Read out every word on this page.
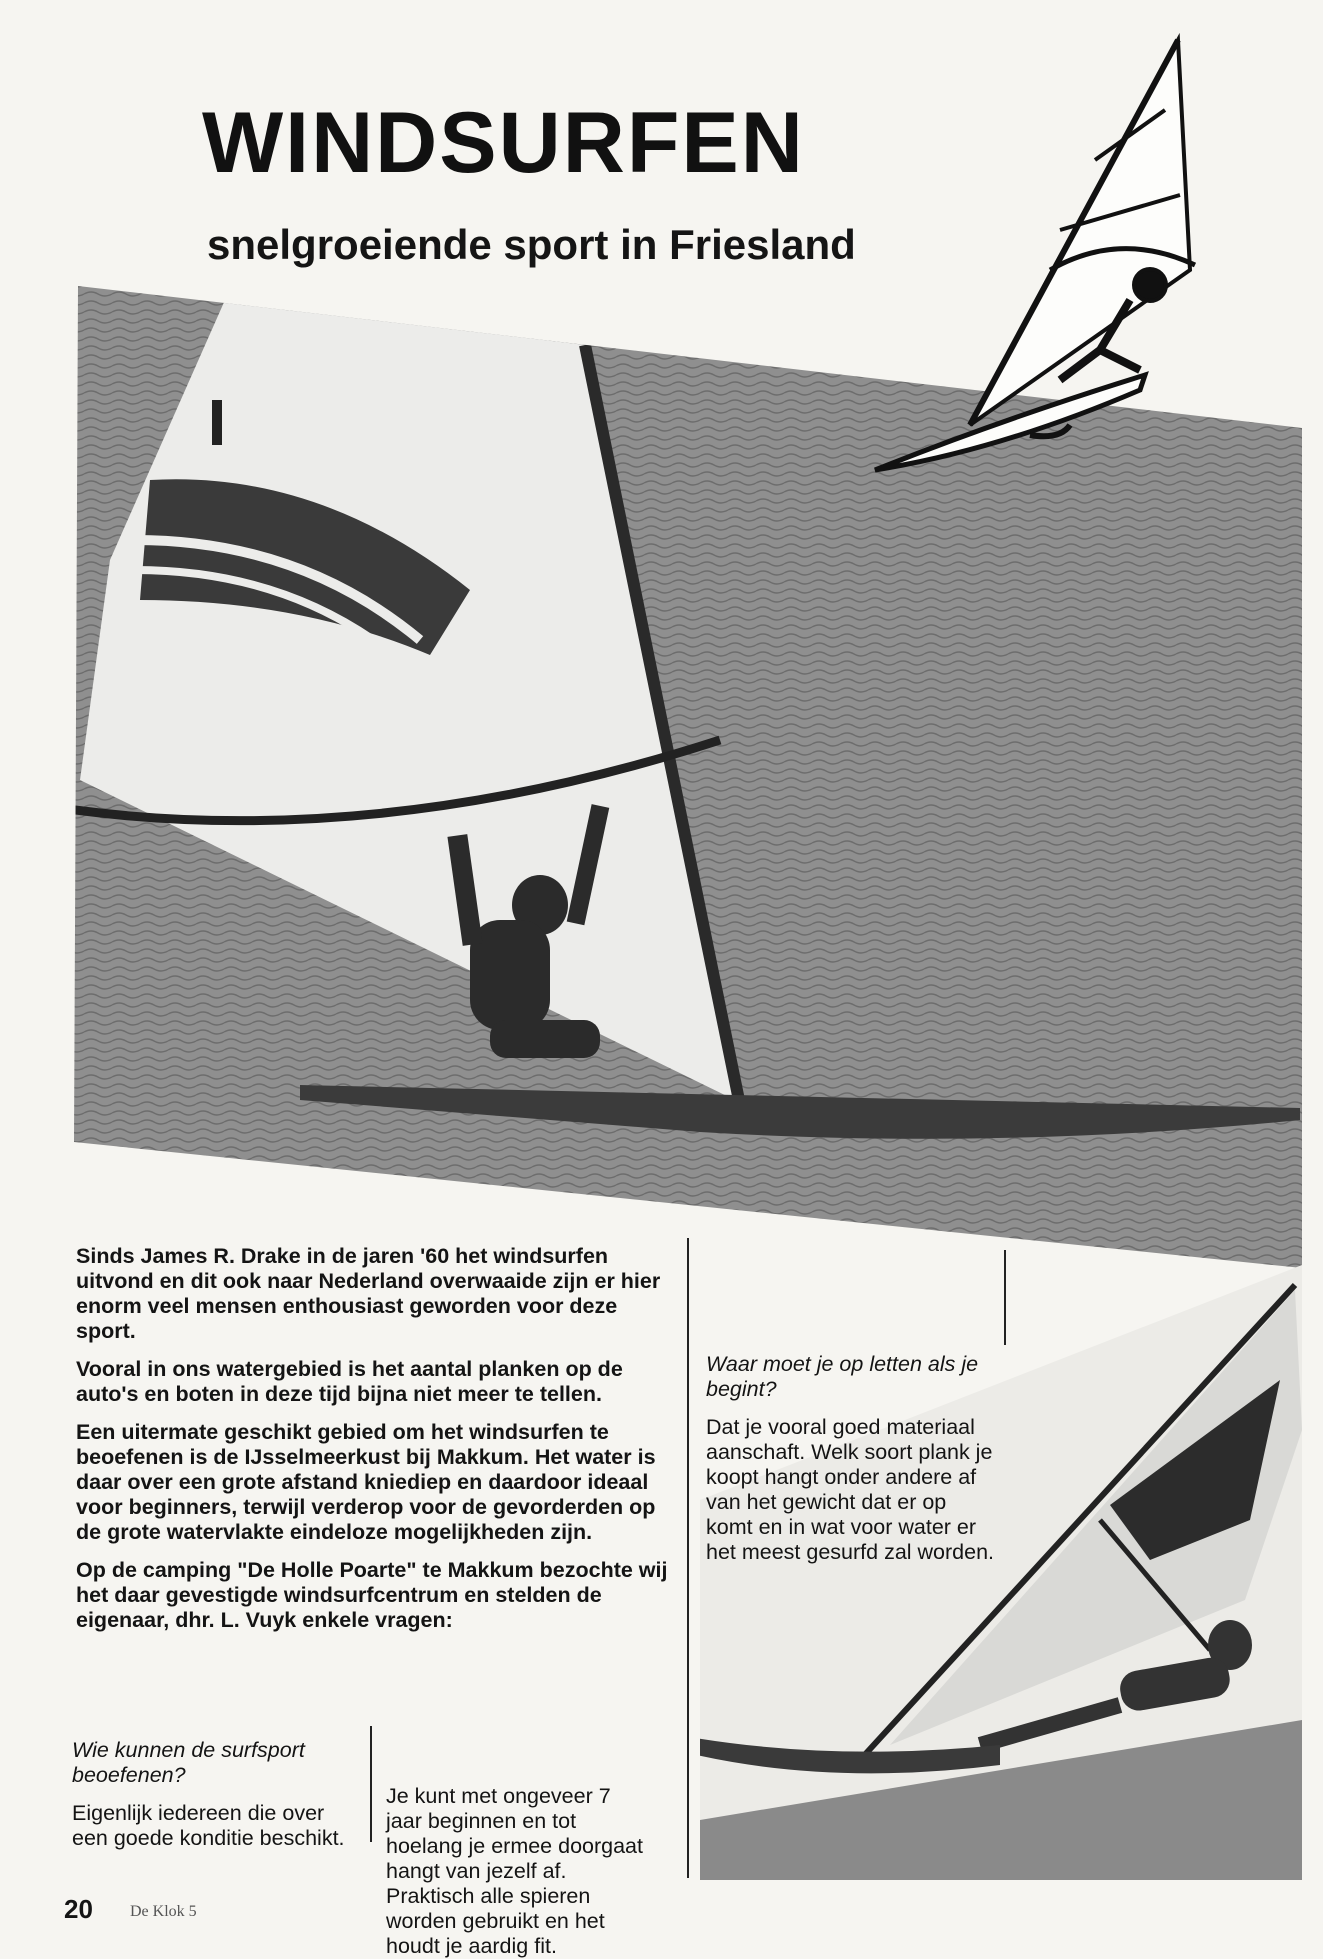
WINDSURFEN
snelgroeiende sport in Friesland

Sinds James R. Drake in de jaren '60 het windsurfen uitvond en dit ook naar Nederland overwaaide zijn er hier enorm veel mensen enthousiast geworden voor deze sport.

Vooral in ons watergebied is het aantal planken op de auto's en boten in deze tijd bijna niet meer te tellen.

Een uitermate geschikt gebied om het windsurfen te beoefenen is de IJsselmeerkust bij Makkum. Het water is daar over een grote afstand kniediep en daardoor ideaal voor beginners, terwijl verderop voor de gevorderden op de grote watervlakte eindeloze mogelijkheden zijn.

Op de camping "De Holle Poarte" te Makkum bezochte wij het daar gevestigde windsurfcentrum en stelden de eigenaar, dhr. L. Vuyk enkele vragen:

Wie kunnen de surfsport beoefenen?

Eigenlijk iedereen die over een goede konditie beschikt.

Je kunt met ongeveer 7 jaar beginnen en tot hoelang je ermee doorgaat hangt van jezelf af. Praktisch alle spieren worden gebruikt en het houdt je aardig fit.

Waar moet je op letten als je begint?

Dat je vooral goed materiaal aanschaft. Welk soort plank je koopt hangt onder andere af van het gewicht dat er op komt en in wat voor water er het meest gesurfd zal worden.

20 De Klok 5
